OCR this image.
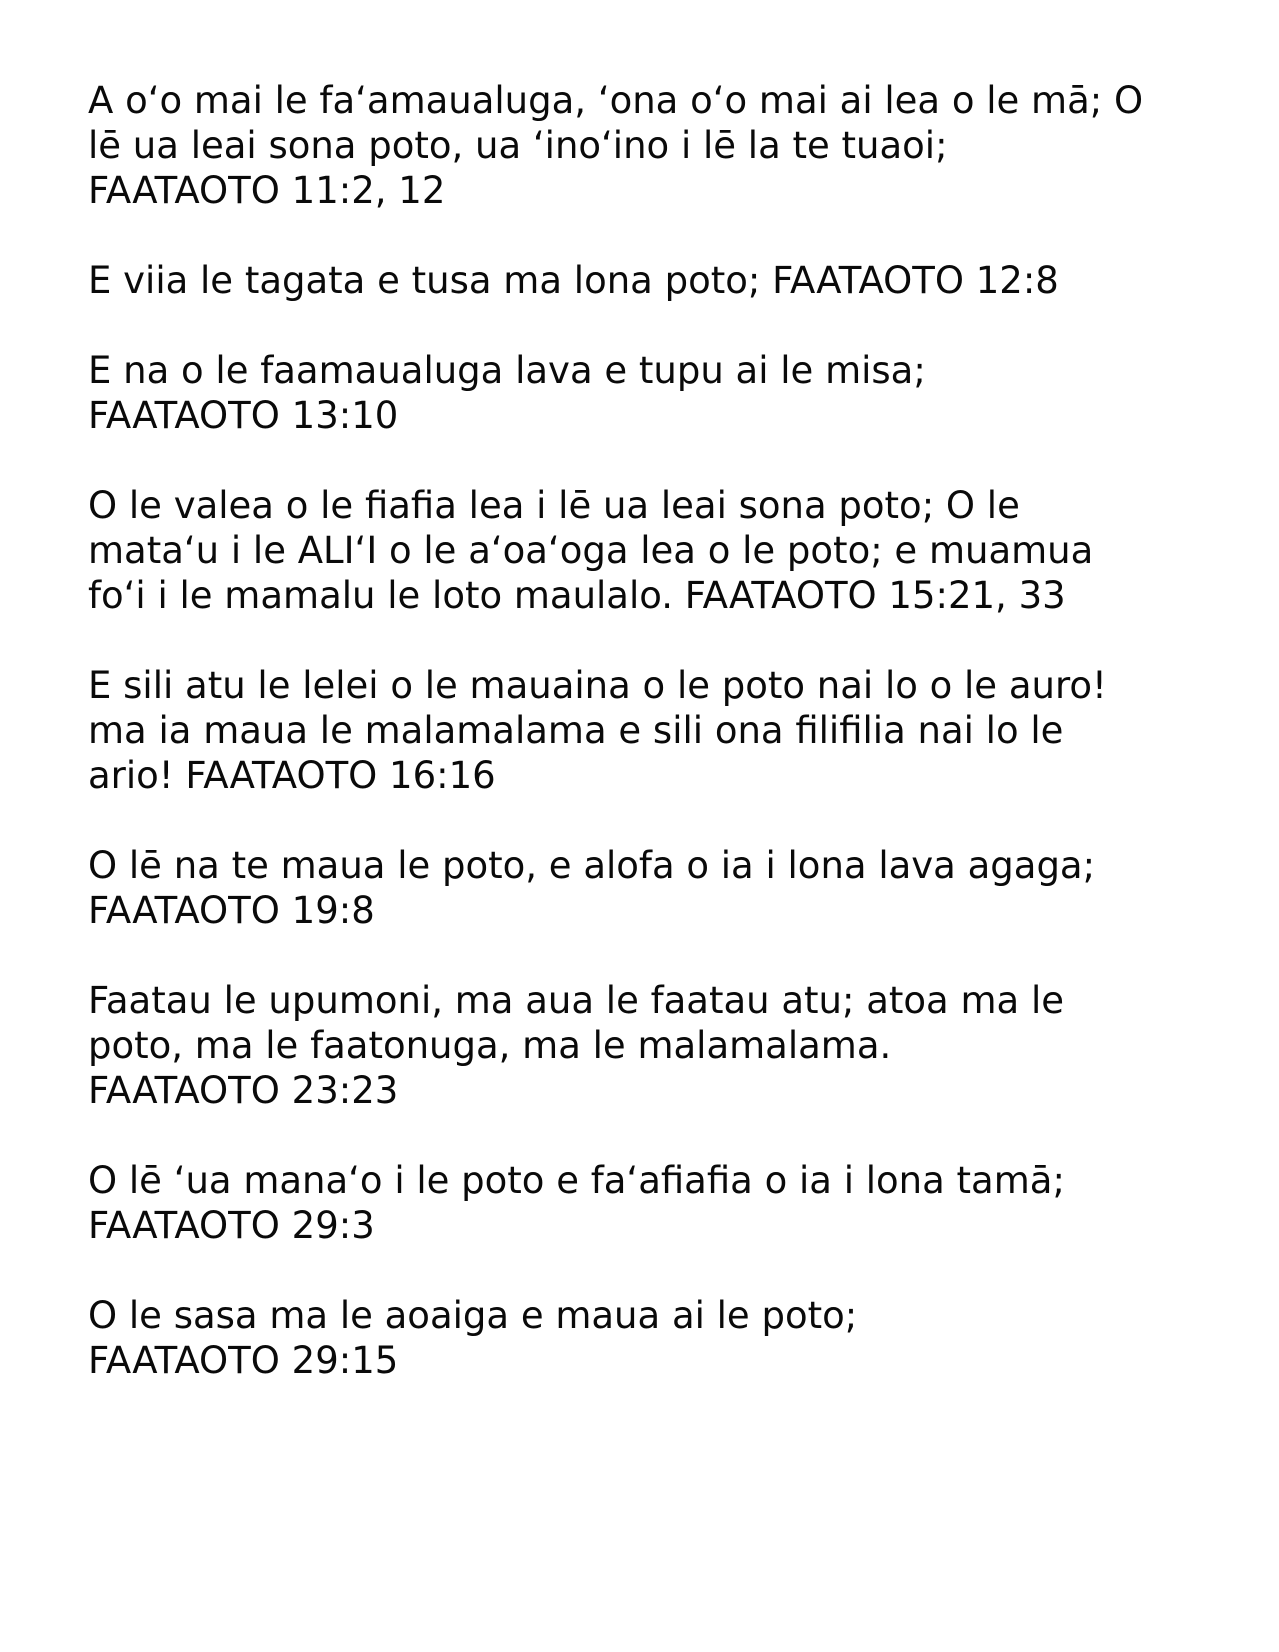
A o‘o mai le fa‘amaualuga, ‘ona o‘o mai ai lea o le mā; O
lē ua leai sona poto, ua ‘ino‘ino i lē la te tuaoi;
FAATAOTO 11:2, 12
E viia le tagata e tusa ma lona poto; FAATAOTO 12:8
E na o le faamaualuga lava e tupu ai le misa;
FAATAOTO 13:10
O le valea o le fiafia lea i lē ua leai sona poto; O le
mata‘u i le ALI‘I o le a‘oa‘oga lea o le poto; e muamua
fo‘i i le mamalu le loto maulalo. FAATAOTO 15:21, 33
E sili atu le lelei o le mauaina o le poto nai lo o le auro!
ma ia maua le malamalama e sili ona filifilia nai lo le
ario! FAATAOTO 16:16
O lē na te maua le poto, e alofa o ia i lona lava agaga;
FAATAOTO 19:8
Faatau le upumoni, ma aua le faatau atu; atoa ma le
poto, ma le faatonuga, ma le malamalama.
FAATAOTO 23:23
O lē ‘ua mana‘o i le poto e fa‘afiafia o ia i lona tamā;
FAATAOTO 29:3
O le sasa ma le aoaiga e maua ai le poto;
FAATAOTO 29:15
